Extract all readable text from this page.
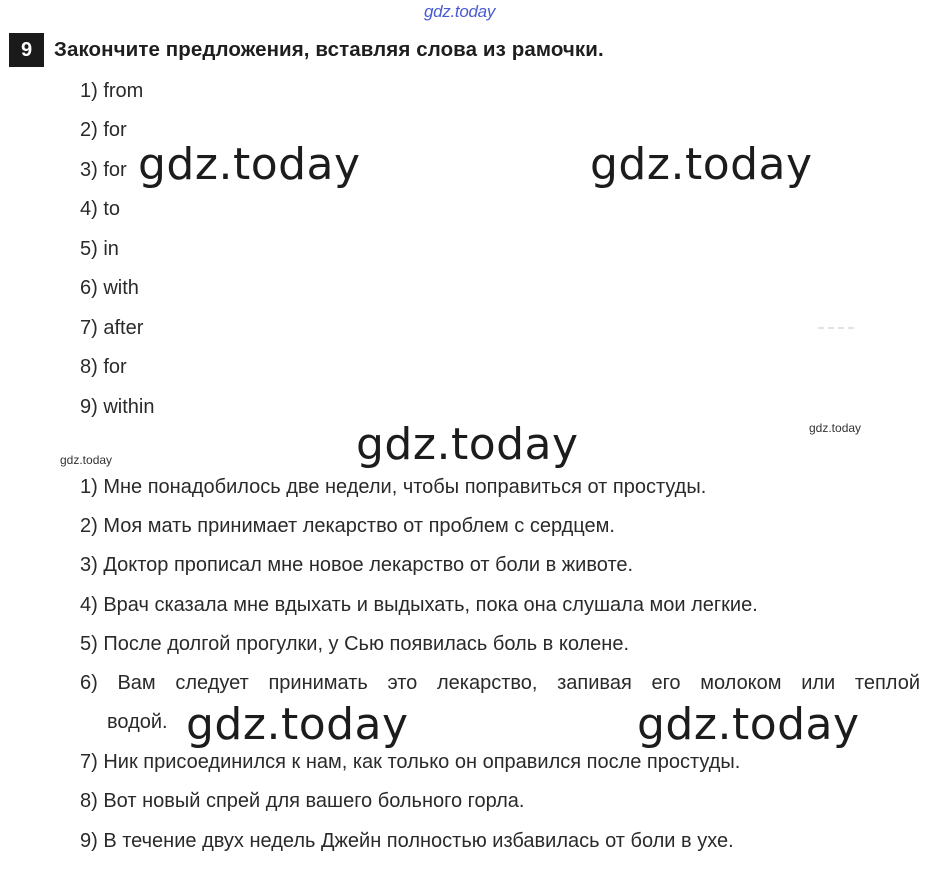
gdz.today
9	Закончите предложения, вставляя слова из рамочки.
1) from
2) for
3) for
4) to
5) in
6) with
7) after
8) for
9) within
1) Мне понадобилось две недели, чтобы поправиться от простуды.
2) Моя мать принимает лекарство от проблем с сердцем.
3) Доктор прописал мне новое лекарство от боли в животе.
4) Врач сказала мне вдыхать и выдыхать, пока она слушала мои легкие.
5) После долгой прогулки, у Сью появилась боль в колене.
6) Вам следует принимать это лекарство, запивая его молоком или теплой
водой.
7) Ник присоединился к нам, как только он оправился после простуды.
8) Вот новый спрей для вашего больного горла.
9) В течение двух недель Джейн полностью избавилась от боли в ухе.
gdz.today	gdz.today
gdz.today
gdz.today	gdz.today
gdz.today
gdz.today
